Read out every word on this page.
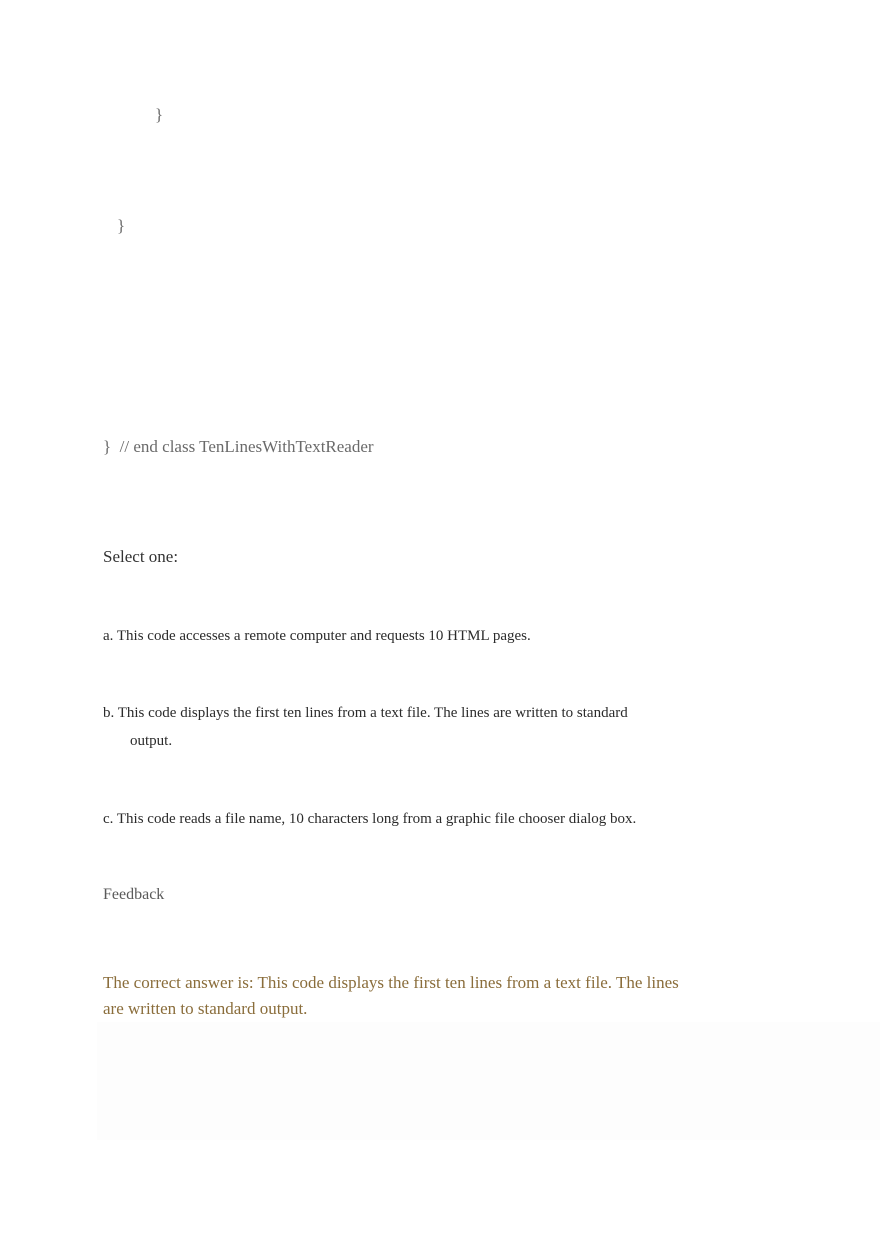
}
}
}  // end class TenLinesWithTextReader
Select one:
a. This code accesses a remote computer and requests 10 HTML pages.
b. This code displays the first ten lines from a text file. The lines are written to standard
output.
c. This code reads a file name, 10 characters long from a graphic file chooser dialog box.
Feedback
The correct answer is: This code displays the first ten lines from a text file. The lines are written to standard output.
